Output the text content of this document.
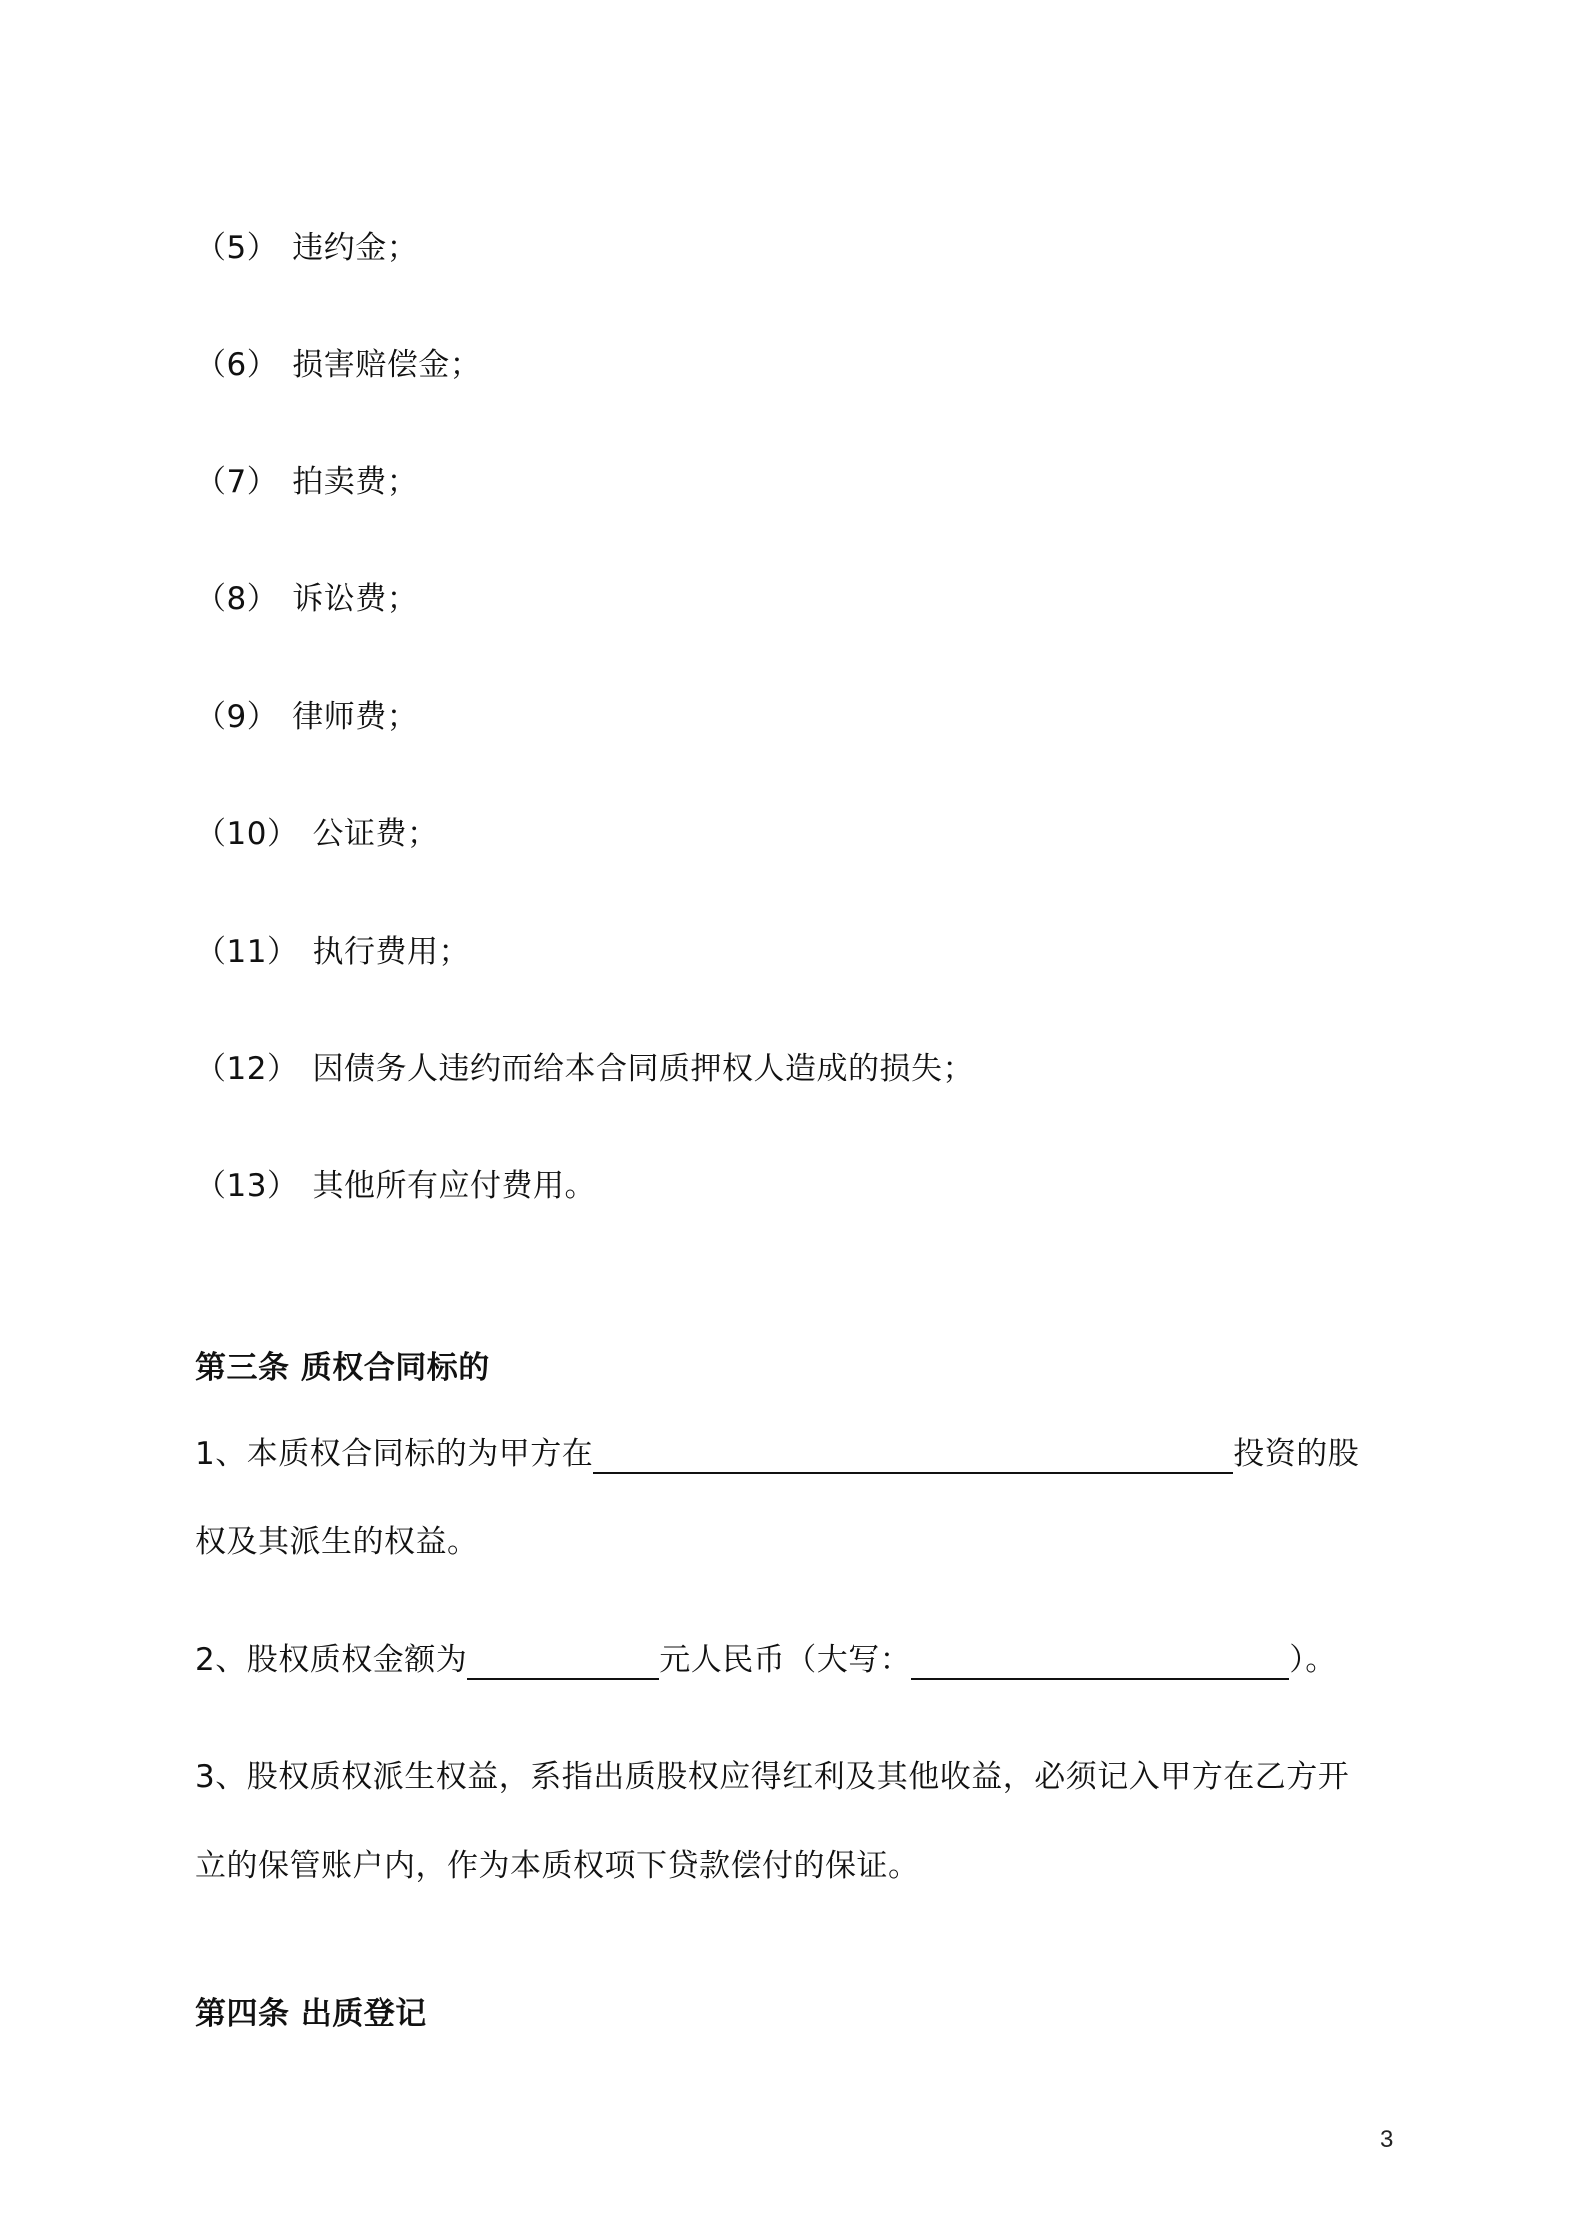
（5） 违约金；
（6） 损害赔偿金；
（7） 拍卖费；
（8） 诉讼费；
（9） 律师费；
（10） 公证费；
（11） 执行费用；
（12） 因债务人违约而给本合同质押权人造成的损失；
（13） 其他所有应付费用。
第三条 质权合同标的
1、本质权合同标的为甲方在	投资的股
权及其派生的权益。
2、股权质权金额为	元人民币（大写：	）。
3、股权质权派生权益，系指出质股权应得红利及其他收益，必须记入甲方在乙方开
立的保管账户内，作为本质权项下贷款偿付的保证。
第四条 出质登记
3
